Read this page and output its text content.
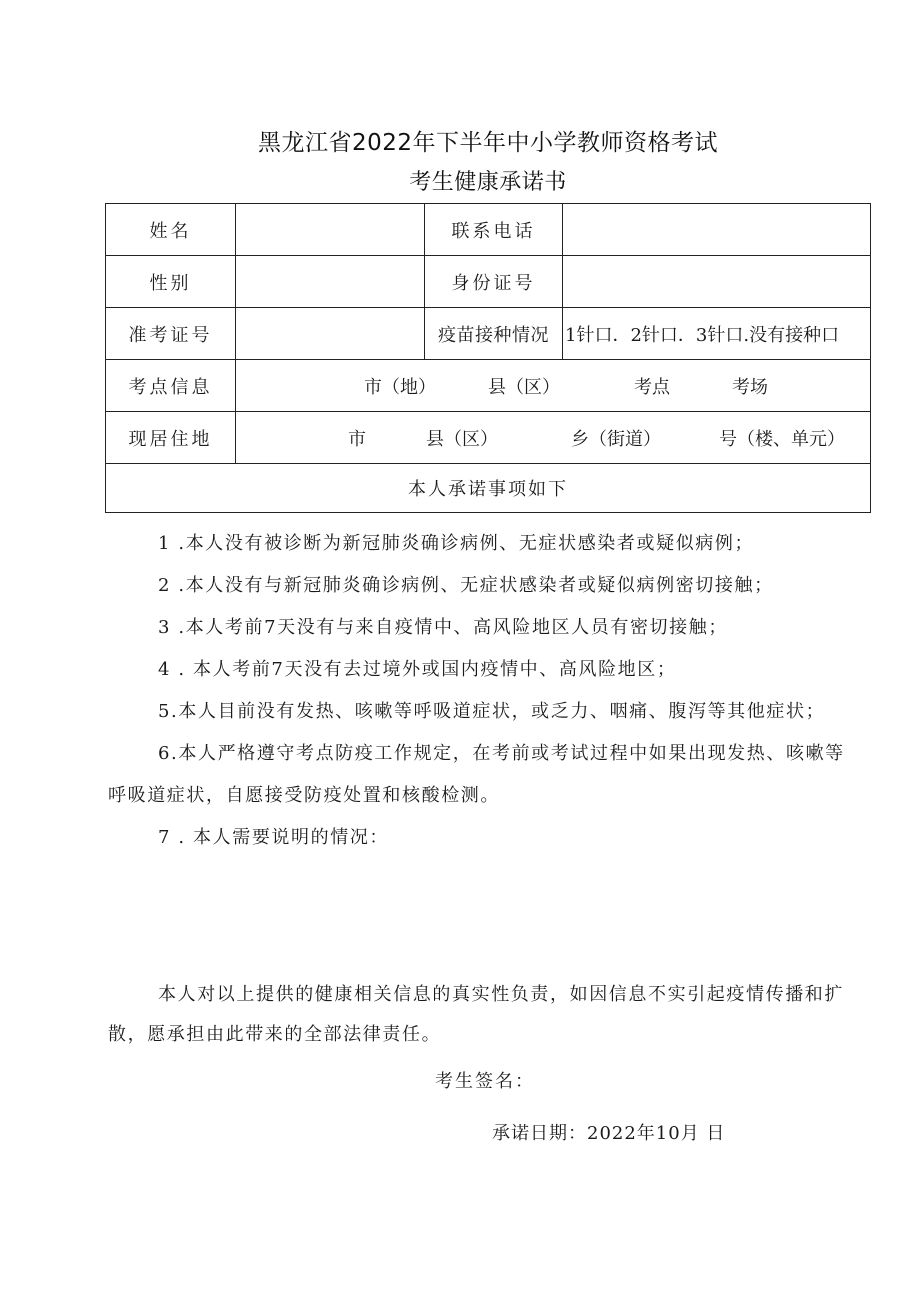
黑龙江省2022年下半年中小学教师资格考试
考生健康承诺书
姓名		联系电话	
性别		身份证号	
准考证号		疫苗接种情况	1针口．2针口．3针口.没有接种口
考点信息	市（地） 县（区） 考点 考场		
现居住地	市 县（区） 乡（街道） 号（楼、单元）		
本人承诺事项如下			

1 .本人没有被诊断为新冠肺炎确诊病例、无症状感染者或疑似病例；

2 .本人没有与新冠肺炎确诊病例、无症状感染者或疑似病例密切接触；

3 .本人考前7天没有与来自疫情中、高风险地区人员有密切接触；

4 . 本人考前7天没有去过境外或国内疫情中、高风险地区；

5.本人目前没有发热、咳嗽等呼吸道症状，或乏力、咽痛、腹泻等其他症状；

6.本人严格遵守考点防疫工作规定，在考前或考试过程中如果出现发热、咳嗽等呼吸道症状，自愿接受防疫处置和核酸检测。

7 . 本人需要说明的情况：

本人对以上提供的健康相关信息的真实性负责，如因信息不实引起疫情传播和扩散，愿承担由此带来的全部法律责任。
考生签名：
承诺日期：2022年10月 日
